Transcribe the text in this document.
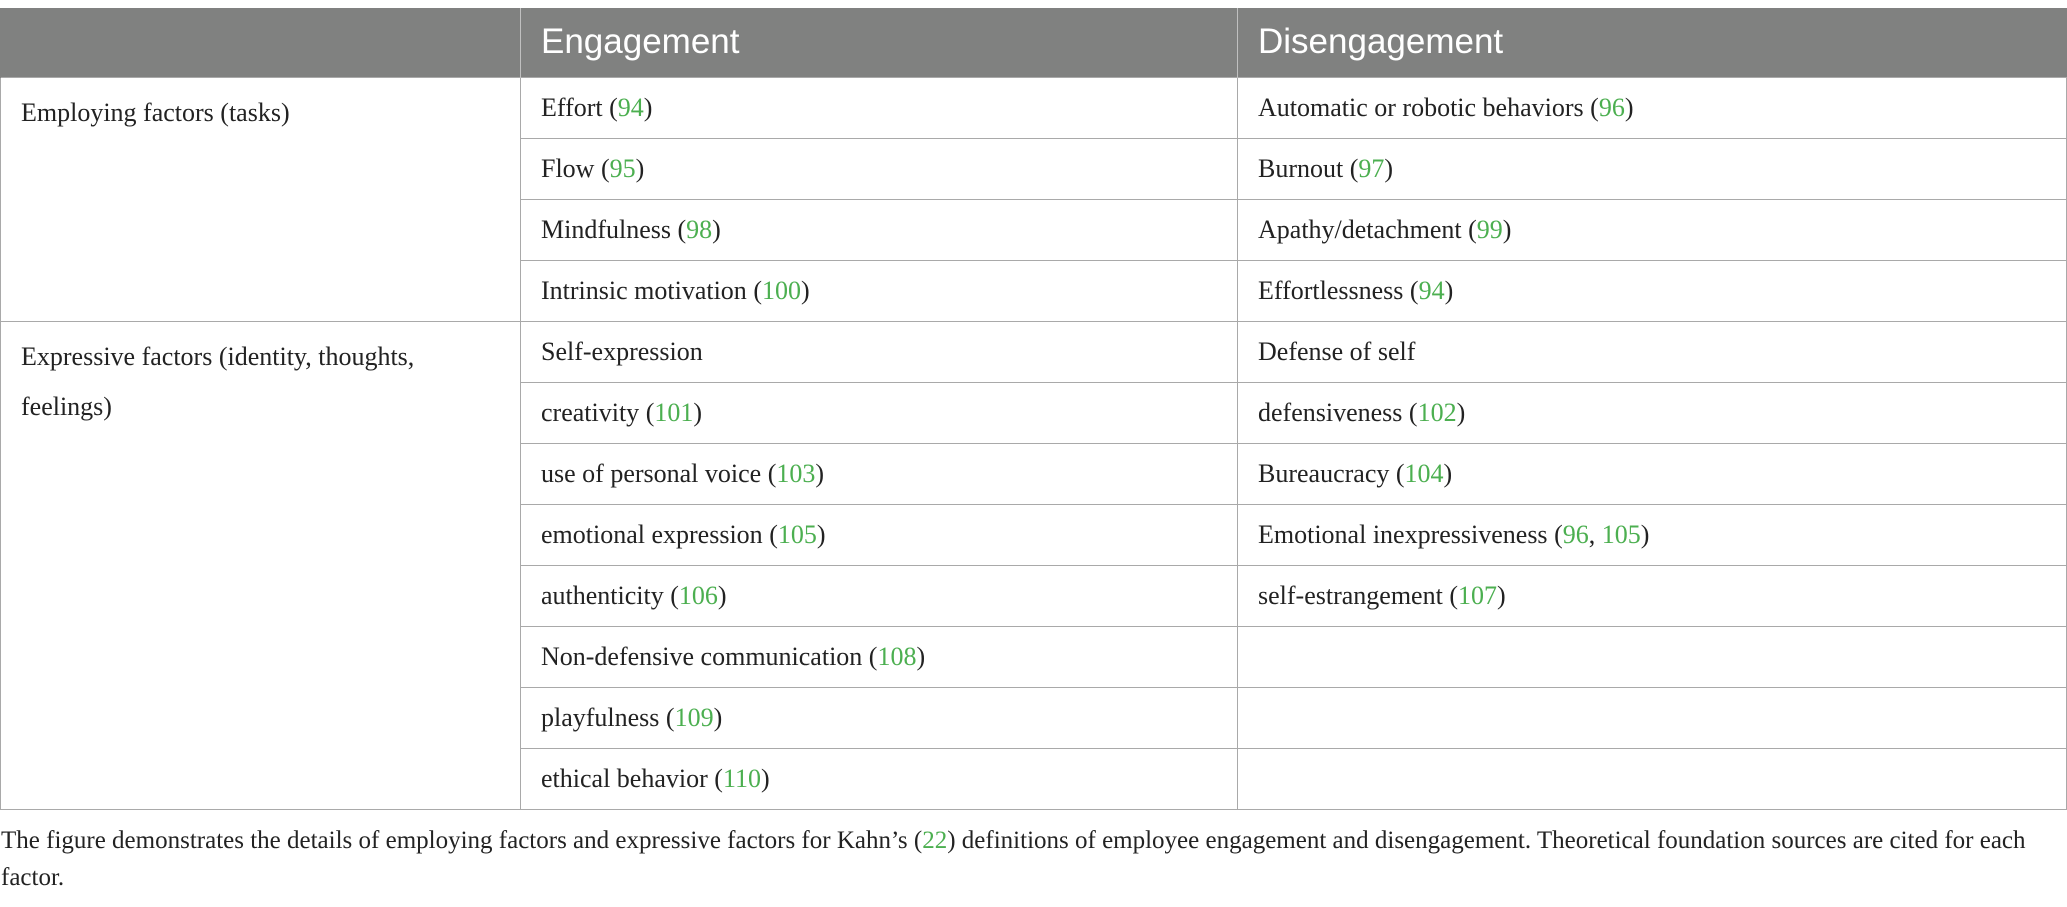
	Engagement	Disengagement
Employing factors (tasks)	Effort (94)	Automatic or robotic behaviors (96)
	Flow (95)	Burnout (97)
	Mindfulness (98)	Apathy/detachment (99)
	Intrinsic motivation (100)	Effortlessness (94)
Expressive factors (identity, thoughts, feelings)	Self-expression	Defense of self
	creativity (101)	defensiveness (102)
	use of personal voice (103)	Bureaucracy (104)
	emotional expression (105)	Emotional inexpressiveness (96, 105)
	authenticity (106)	self-estrangement (107)
	Non-defensive communication (108)	
	playfulness (109)	
	ethical behavior (110)	

The figure demonstrates the details of employing factors and expressive factors for Kahn’s (22) definitions of employee engagement and disengagement. Theoretical foundation sources are cited for each factor.
